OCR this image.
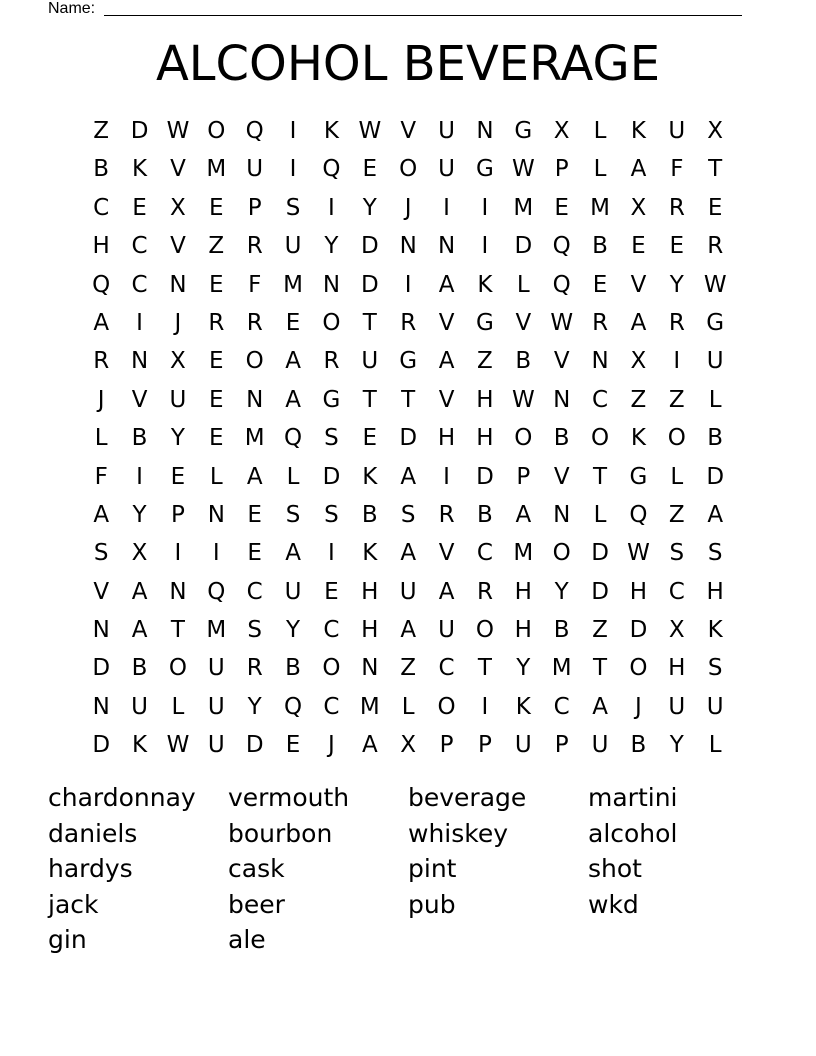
Name:
ALCOHOL BEVERAGE
Z D W O Q	I	K W V U N G X	L	K U X
B K V M U	I	Q E O U G W P	L	A	F	T
C	E	X	E	P	S	I	Y	J	I	I	M E M X R	E
H C V Z R U Y D N N	I	D Q B	E	E	R
Q C N E	F M N D	I	A K	L Q E	V	Y W
A	I	J	R R	E O T	R V G V W R A R G
R N X	E O A R U G A Z B V N X	I	U
J	V U E N A G T	T	V H W N C Z Z	L
L	B	Y	E M Q S	E D H H O B O K O B
F	I	E	L	A	L	D K A	I	D P	V	T G	L	D
A	Y	P N E	S	S	B	S	R B A N	L Q Z A
S	X	I	I	E	A	I	K A V C M O D W S	S
V A N Q C U E H U A R H Y D H C H
N A	T M S	Y	C H A U O H B Z D X K
D B O U R B O N Z C	T	Y M T O H S
N U	L	U Y Q C M L O	I	K C A	J	U U
D K W U D E	J	A X	P	P	U	P	U B	Y	L
chardonnay	vermouth	beverage	martini
daniels	bourbon	whiskey	alcohol
hardys	cask	pint	shot
jack	beer	pub	wkd
gin	ale
